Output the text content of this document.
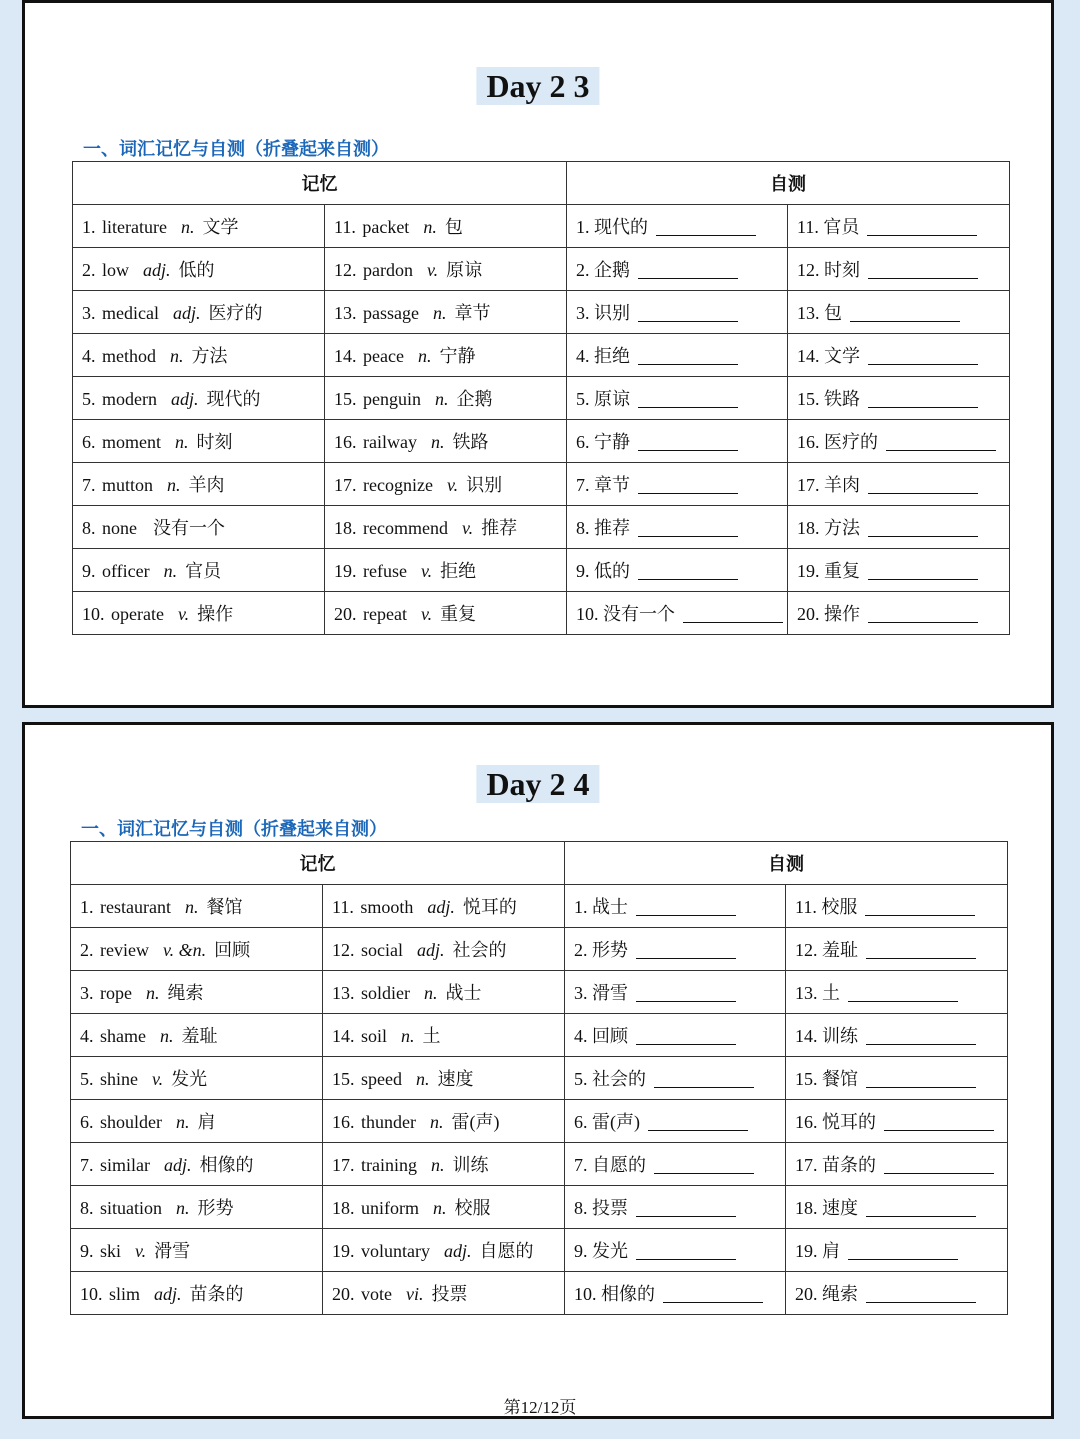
Day 2 3
一、词汇记忆与自测（折叠起来自测）
记忆		自测	
1. literature n. 文学	11. packet n. 包	1. 现代的	11. 官员
2. low adj. 低的	12. pardon v. 原谅	2. 企鹅	12. 时刻
3. medical adj. 医疗的	13. passage n. 章节	3. 识别	13. 包
4. method n. 方法	14. peace n. 宁静	4. 拒绝	14. 文学
5. modern adj. 现代的	15. penguin n. 企鹅	5. 原谅	15. 铁路
6. moment n. 时刻	16. railway n. 铁路	6. 宁静	16. 医疗的
7. mutton n. 羊肉	17. recognize v. 识别	7. 章节	17. 羊肉
8. none 没有一个	18. recommend v. 推荐	8. 推荐	18. 方法
9. officer n. 官员	19. refuse v. 拒绝	9. 低的	19. 重复
10. operate v. 操作	20. repeat v. 重复	10. 没有一个	20. 操作
Day 2 4
一、词汇记忆与自测（折叠起来自测）
记忆		自测	
1. restaurant n. 餐馆	11. smooth adj. 悦耳的	1. 战士	11. 校服
2. review v. &n. 回顾	12. social adj. 社会的	2. 形势	12. 羞耻
3. rope n. 绳索	13. soldier n. 战士	3. 滑雪	13. 土
4. shame n. 羞耻	14. soil n. 土	4. 回顾	14. 训练
5. shine v. 发光	15. speed n. 速度	5. 社会的	15. 餐馆
6. shoulder n. 肩	16. thunder n. 雷(声)	6. 雷(声)	16. 悦耳的
7. similar adj. 相像的	17. training n. 训练	7. 自愿的	17. 苗条的
8. situation n. 形势	18. uniform n. 校服	8. 投票	18. 速度
9. ski v. 滑雪	19. voluntary adj. 自愿的	9. 发光	19. 肩
10. slim adj. 苗条的	20. vote vi. 投票	10. 相像的	20. 绳索
第12/12页
